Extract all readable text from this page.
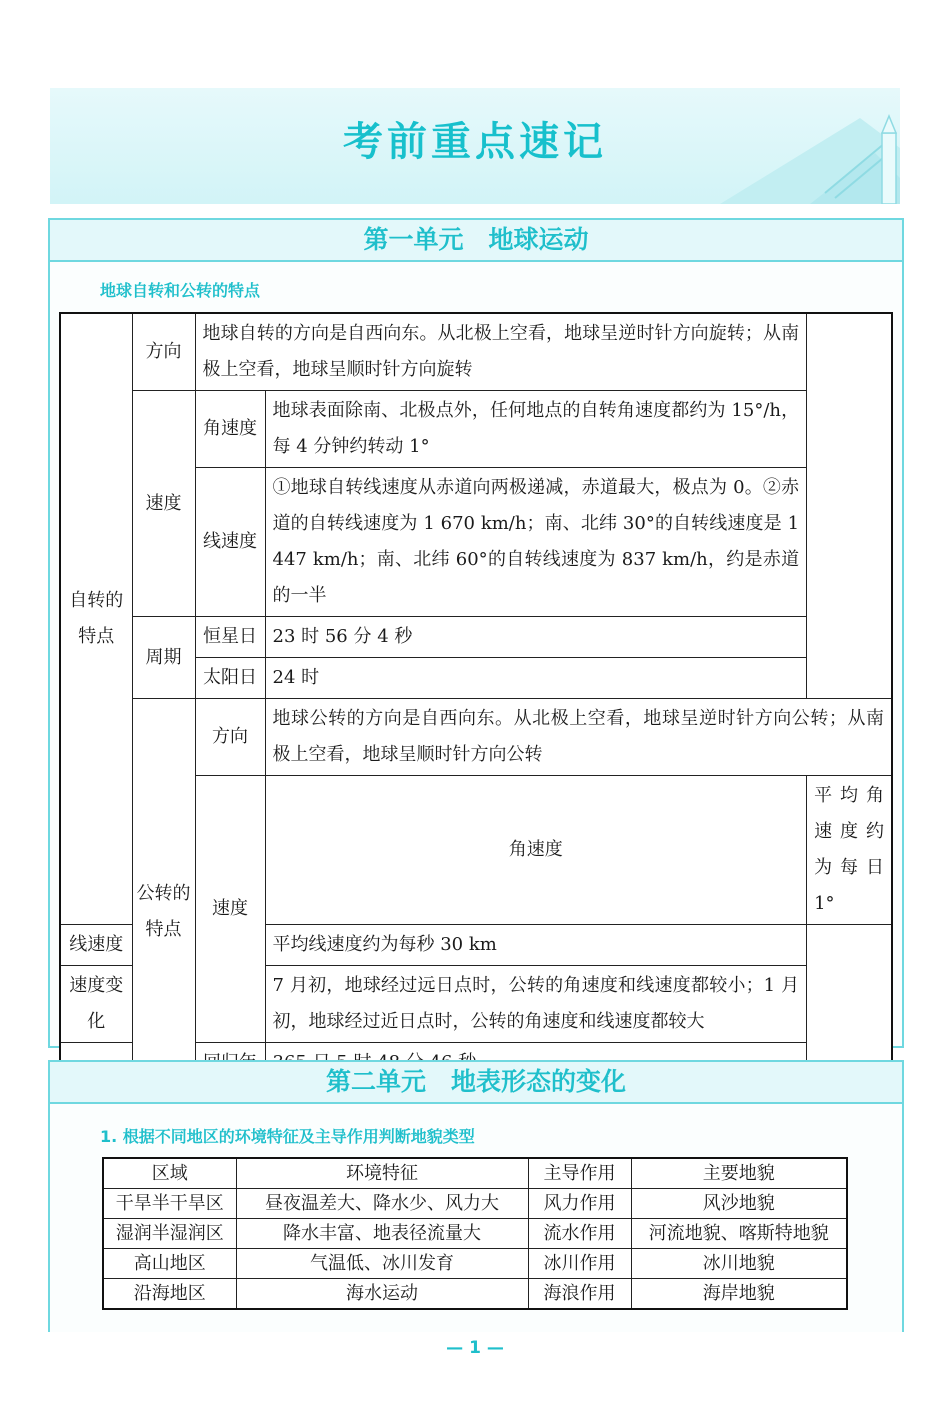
考前重点速记
第一单元　地球运动
地球自转和公转的特点
自转的特点	方向	地球自转的方向是自西向东。从北极上空看，地球呈逆时针方向旋转；从南极上空看，地球呈顺时针方向旋转		
	速度	角速度	地球表面除南、北极点外，任何地点的自转角速度都约为 15°/h，每 4 分钟约转动 1°	
		线速度	①地球自转线速度从赤道向两极递减，赤道最大，极点为 0。②赤道的自转线速度为 1 670 km/h；南、北纬 30°的自转线速度是 1 447 km/h；南、北纬 60°的自转线速度为 837 km/h，约是赤道的一半	
	周期	恒星日	23 时 56 分 4 秒	
		太阳日	24 时	
	公转的特点	方向	地球公转的方向是自西向东。从北极上空看，地球呈逆时针方向公转；从南极上空看，地球呈顺时针方向公转	
		速度	角速度	平均角速度约为每日 1°
线速度			平均线速度约为每秒 30 km	
速度变化			7 月初，地球经过远日点时，公转的角速度和线速度都较小；1 月初，地球经过近日点时，公转的角速度和线速度都较大	

第二单元　地表形态的变化
1. 根据不同地区的环境特征及主导作用判断地貌类型
区域	环境特征	主导作用	主要地貌
干旱半干旱区	昼夜温差大、降水少、风力大	风力作用	风沙地貌
湿润半湿润区	降水丰富、地表径流量大	流水作用	河流地貌、喀斯特地貌
高山地区	气温低、冰川发育	冰川作用	冰川地貌
沿海地区	海水运动	海浪作用	海岸地貌
— 1 —
